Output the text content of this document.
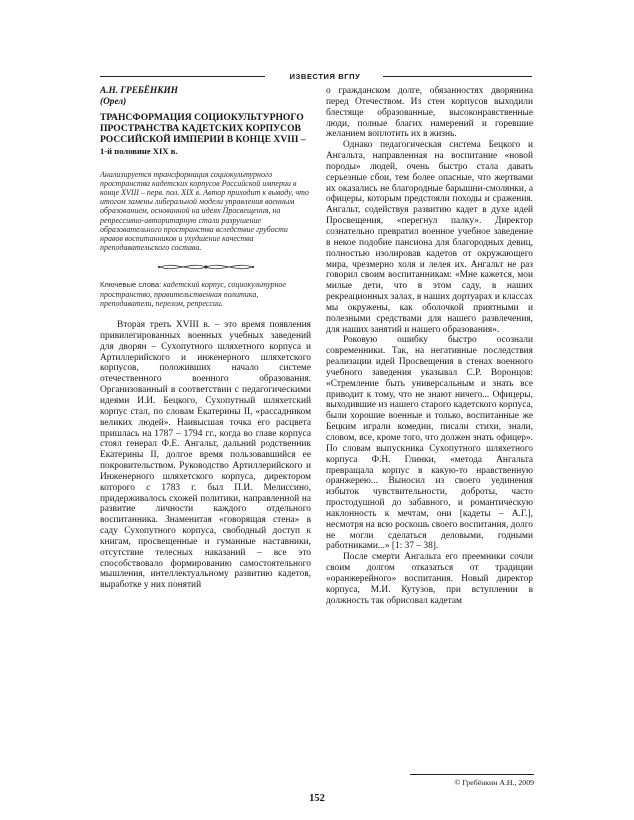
ИЗВЕСТИЯ ВГПУ

А.Н. ГРЕБЁНКИН

(Орел)

ТРАНСФОРМАЦИЯ СОЦИОКУЛЬТУРНОГО ПРОСТРАНСТВА КАДЕТСКИХ КОРПУСОВ РОССИЙСКОЙ ИМПЕРИИ В КОНЦЕ XVIII – 1-й половине XIX в.

Анализируется трансформация социокультурного пространства кадетских корпусов Российской империи в конце XVIII – перв. пол. XIX в. Автор приходит к выводу, что итогом замены либеральной модели управления военным образованием, основанной на идеях Просвещения, на репрессивно-авторитарную стали разрушение образовательного пространства вследствие грубости нравов воспитанников и ухудшение качества преподавательского состава.

Ключевые слова: кадетский корпус, социокультурное пространство, правительственная политика, преподаватели, перелом, репрессии.

Вторая треть XVIII в. – это время появления привилегированных военных учебных заведений для дворян – Сухопутного шляхетного корпуса и Артиллерийского и инженерного шляхетского корпусов, положивших начало системе отечественного военного образования. Организованный в соответствии с педагогическими идеями И.И. Бецкого, Сухопутный шляхетский корпус стал, по словам Екатерины II, «рассадником великих людей». Наивысшая точка его расцвета пришлась на 1787 – 1794 гг., когда во главе корпуса стоял генерал Ф.Е. Ангальт, дальний родственник Екатерины II, долгое время пользовавшийся ее покровительством. Руководство Артиллерийского и Инженерного шляхетского корпуса, директором которого с 1783 г. был П.И. Мелиссино, придерживалось схожей политики, направленной на развитие личности каждого отдельного воспитанника. Знаменитая «говорящая стена» в саду Сухопутного корпуса, свободный доступ к книгам, просвещенные и гуманные наставники, отсутствие телесных наказаний – все это способствовало формированию самостоятельного мышления, интеллектуальному развитию кадетов, выработке у них понятий

о гражданском долге, обязанностях дворянина перед Отечеством. Из стен корпусов выходили блестяще образованные, высоконравственные люди, полные благих намерений и горевшие желанием воплотить их в жизнь.

Однако педагогическая система Бецкого и Ангальта, направленная на воспитание «новой породы» людей, очень быстро стала давать серьезные сбои, тем более опасные, что жертвами их оказались не благородные барышни-смолянки, а офицеры, которым предстояли походы и сражения. Ангальт, содействуя развитию кадет в духе идей Просвещения, «перегнул палку». Директор сознательно превратил военное учебное заведение в некое подобие пансиона для благородных девиц, полностью изолировав кадетов от окружающего мира, чрезмерно холя и лелея их. Ангальт не раз говорил своим воспитанникам: «Мне кажется, мои милые дети, что в этом саду, в наших рекреационных залах, в наших дортуарах и классах мы окружены, как оболочкой приятными и полезными средствами для нашего развлечения, для наших занятий и нашего образования».

Роковую ошибку быстро осознали современники. Так, на негативные последствия реализации идей Просвещения в стенах военного учебного заведения указывал С.Р. Воронцов: «Стремление быть универсальным и знать все приводит к тому, что не знают ничего... Офицеры, выходившие из нашего старого кадетского корпуса, были хорошие военные и только, воспитанные же Бецким играли комедии, писали стихи, знали, словом, все, кроме того, что должен знать офицер». По словам выпускника Сухопутного шляхетного корпуса Ф.Н. Глинки, «метода Ангальта превращала корпус в какую-то нравственную оранжерею... Выносил из своего уединения избыток чувствительности, доброты, часто простодушной до забавного, и романтическую наклонность к мечтам, они [кадеты – А.Г.], несмотря на всю роскошь своего воспитания, долго не могли сделаться деловыми, годными работниками...» [1: 37 – 38].

После смерти Ангальта его преемники сочли своим долгом отказаться от традиции «оранжерейного» воспитания. Новый директор корпуса, М.И. Кутузов, при вступлении в должность так обрисовал кадетам

© Гребёнкин А.Н., 2009
152
